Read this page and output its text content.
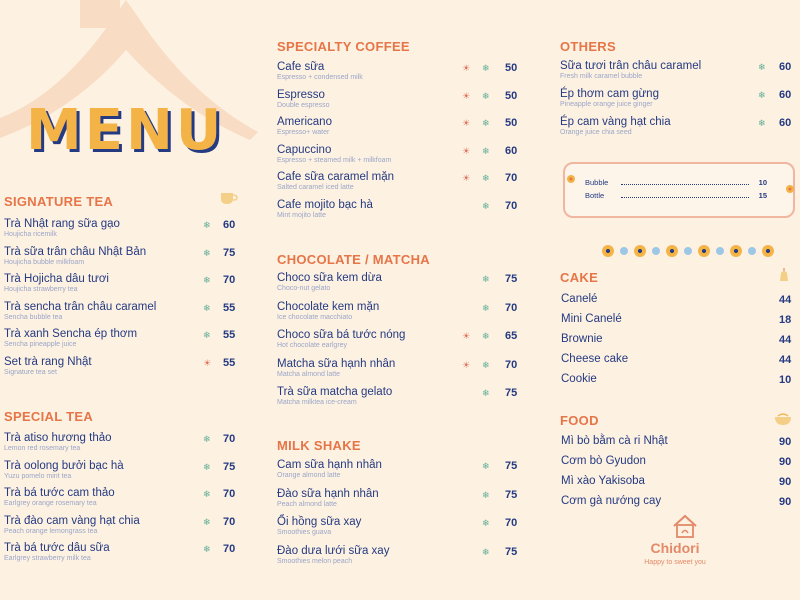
MENU
SIGNATURE TEA
Trà Nhật rang sữa gạo
Houjicha ricemilk
60
❄
Trà sữa trân châu Nhật Bản
Houjicha bubble milkfoam
75
❄
Trà Hojicha dâu tươi
Houjicha strawberry tea
70
❄
Trà sencha trân châu caramel
Sencha bubble tea
55
❄
Trà xanh Sencha ép thơm
Sencha pineapple juice
55
❄
Set trà rang Nhật
Signature tea set
55
☀
SPECIAL TEA
Trà atiso hương thảo
Lemon red rosemary tea
70
❄
Trà oolong bưởi bạc hà
Yuzu pomelo mint tea
75
❄
Trà bá tước cam thảo
Earlgrey orange rosemary tea
70
❄
Trà đào cam vàng hạt chia
Peach orange lemongrass tea
70
❄
Trà bá tước dâu sữa
Earlgrey strawberry milk tea
70
❄
SPECIALTY COFFEE
Cafe sữa
Espresso + condensed milk
50
☀ ❄
Espresso
Double espresso
50
☀ ❄
Americano
Espresso+ water
50
☀ ❄
Capuccino
Espresso + steamed milk + milkfoam
60
☀ ❄
Cafe sữa caramel mặn
Salted caramel iced latte
70
☀ ❄
Cafe mojito bạc hà
Mint mojito latte
70
❄
CHOCOLATE / MATCHA
Choco sữa kem dừa
Choco-nut gelato
75
❄
Chocolate kem mặn
Ice chocolate macchiato
70
❄
Choco sữa bá tước nóng
Hot chocolate earlgrey
65
☀ ❄
Matcha sữa hạnh nhân
Matcha almond latte
70
☀ ❄
Trà sữa matcha gelato
Matcha milktea ice-cream
75
❄
MILK SHAKE
Cam sữa hạnh nhân
Orange almond latte
75
❄
Đào sữa hạnh nhân
Peach almond latte
75
❄
Ổi hồng sữa xay
Smoothies guava
70
❄
Đào dưa lưới sữa xay
Smoothies melon peach
75
❄
OTHERS
Sữa tươi trân châu caramel
Fresh milk caramel bubble
60
❄
Ép thơm cam gừng
Pineapple orange juice ginger
60
❄
Ép cam vàng hạt chia
Orange juice chia seed
60
❄
CAKE
Canelé	44
Mini Canelé	18
Brownie	44
Cheese cake	44
Cookie	10
FOOD
Mì bò bằm cà ri Nhật	90
Cơm bò Gyudon	90
Mì xào Yakisoba	90
Cơm gà nướng cay	90
Bubble	10
Bottle	15
Chidori
Happy to sweet you
